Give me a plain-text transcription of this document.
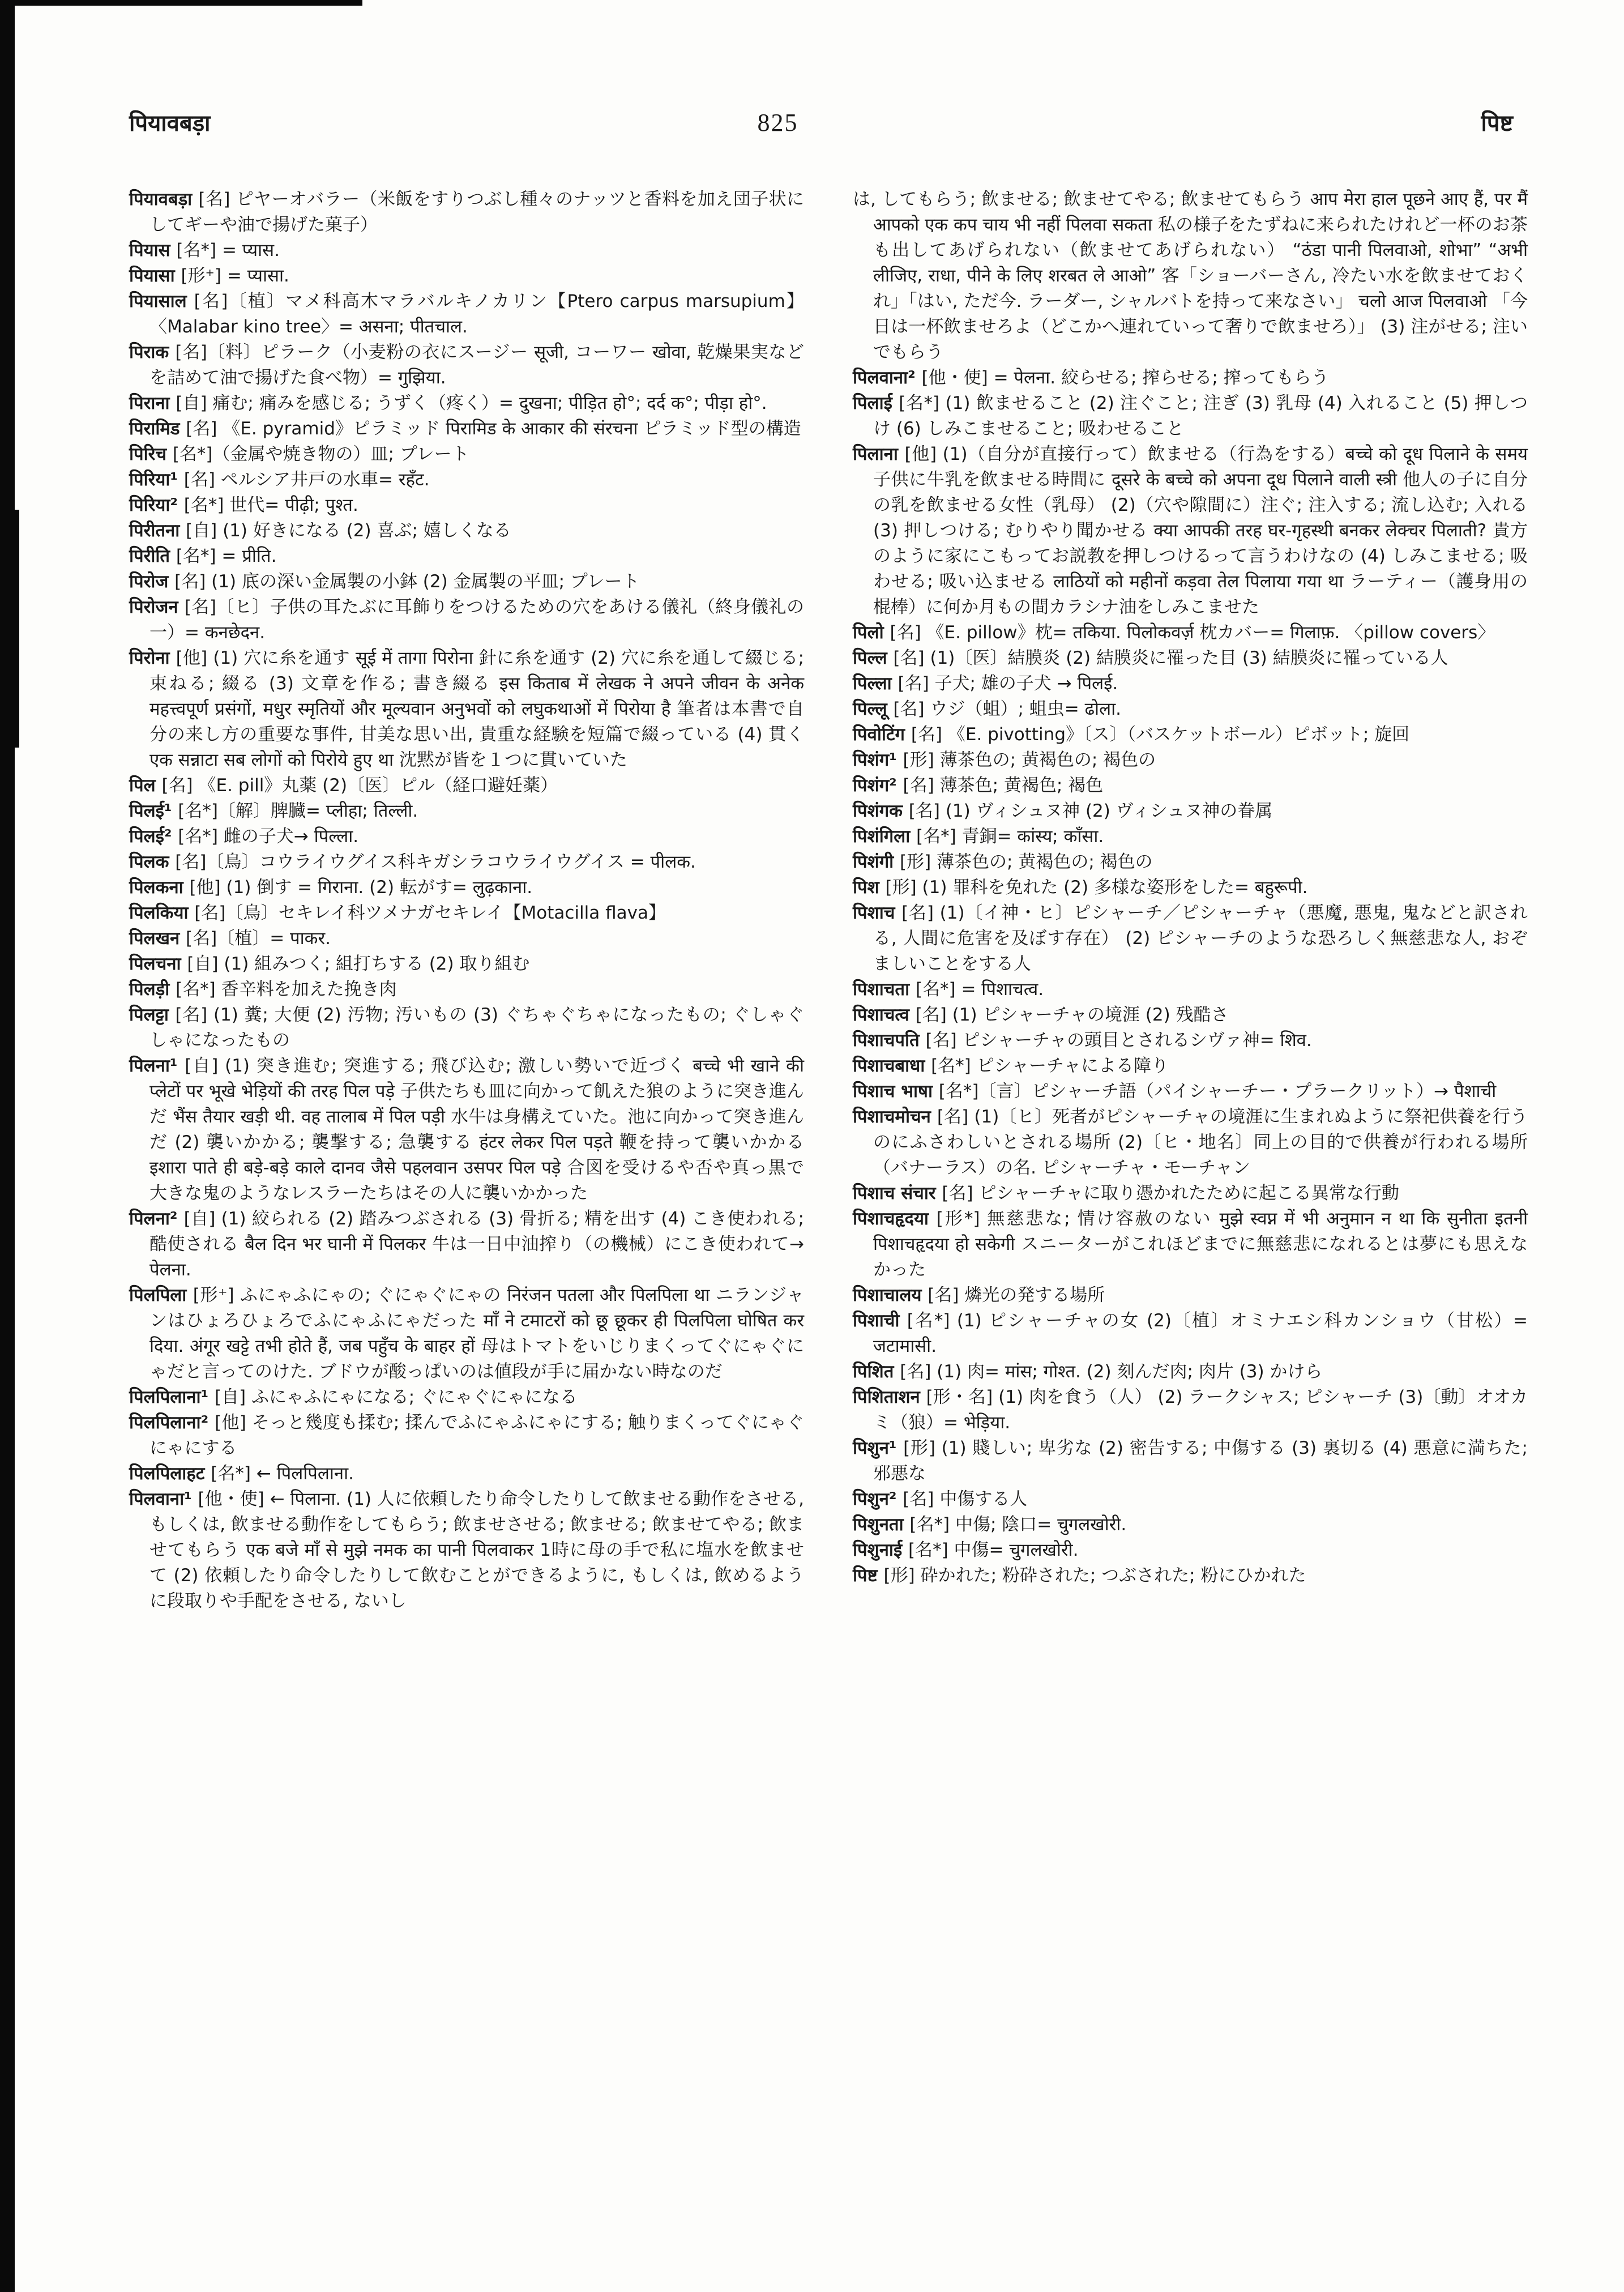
पियावबड़ा	825	पिष्ट
पियावबड़ा [名] ピヤーオバラー（米飯をすりつぶし種々のナッツと香料を加え団子状にしてギーや油で揚げた菓子）
पियास [名*] = प्यास.
पियासा [形⁺] = प्यासा.
पियासाल [名]〔植〕マメ科高木マラバルキノカリン【Ptero carpus marsupium】〈Malabar kino tree〉= असना; पीतचाल.
पिराक [名]〔料〕ピラーク（小麦粉の衣にスージー सूजी, コーワー खोवा, 乾燥果実などを詰めて油で揚げた食べ物）= गुझिया.
पिराना [自] 痛む; 痛みを感じる; うずく（疼く）= दुखना; पीड़ित हो°; दर्द क°; पीड़ा हो°.
पिरामिड [名] 《E. pyramid》ピラミッド पिरामिड के आकार की संरचना ピラミッド型の構造
पिरिच [名*]（金属や焼き物の）皿; プレート
पिरिया¹ [名] ペルシア井戸の水車= रहँट.
पिरिया² [名*] 世代= पीढ़ी; पुश्त.
पिरीतना [自] (1) 好きになる (2) 喜ぶ; 嬉しくなる
पिरीति [名*] = प्रीति.
पिरोज [名] (1) 底の深い金属製の小鉢 (2) 金属製の平皿; プレート
पिरोजन [名]〔ヒ〕子供の耳たぶに耳飾りをつけるための穴をあける儀礼（終身儀礼の一）= कनछेदन.
पिरोना [他] (1) 穴に糸を通す सूई में तागा पिरोना 針に糸を通す (2) 穴に糸を通して綴じる; 束ねる; 綴る (3) 文章を作る; 書き綴る इस किताब में लेखक ने अपने जीवन के अनेक महत्त्वपूर्ण प्रसंगों, मधुर स्मृतियों और मूल्यवान अनुभवों को लघुकथाओं में पिरोया है 筆者は本書で自分の来し方の重要な事件, 甘美な思い出, 貴重な経験を短篇で綴っている (4) 貫く एक सन्नाटा सब लोगों को पिरोये हुए था 沈黙が皆を１つに貫いていた
पिल [名] 《E. pill》丸薬 (2)〔医〕ピル（経口避妊薬）
पिलई¹ [名*]〔解〕脾臓= प्लीहा; तिल्ली.
पिलई² [名*] 雌の子犬→ पिल्ला.
पिलक [名]〔鳥〕コウライウグイス科キガシラコウライウグイス = पीलक.
पिलकना [他] (1) 倒す = गिराना. (2) 転がす= लुढ़काना.
पिलकिया [名]〔鳥〕セキレイ科ツメナガセキレイ【Motacilla flava】
पिलखन [名]〔植〕= पाकर.
पिलचना [自] (1) 組みつく; 組打ちする (2) 取り組む
पिलड़ी [名*] 香辛料を加えた挽き肉
पिलट्टा [名] (1) 糞; 大便 (2) 汚物; 汚いもの (3) ぐちゃぐちゃになったもの; ぐしゃぐしゃになったもの
पिलना¹ [自] (1) 突き進む; 突進する; 飛び込む; 激しい勢いで近づく बच्चे भी खाने की प्लेटों पर भूखे भेड़ियों की तरह पिल पड़े 子供たちも皿に向かって飢えた狼のように突き進んだ भैंस तैयार खड़ी थी. वह तालाब में पिल पड़ी 水牛は身構えていた。池に向かって突き進んだ (2) 襲いかかる; 襲撃する; 急襲する हंटर लेकर पिल पड़ते 鞭を持って襲いかかる इशारा पाते ही बड़े-बड़े काले दानव जैसे पहलवान उसपर पिल पड़े 合図を受けるや否や真っ黒で大きな鬼のようなレスラーたちはその人に襲いかかった
पिलना² [自] (1) 絞られる (2) 踏みつぶされる (3) 骨折る; 精を出す (4) こき使われる; 酷使される बैल दिन भर घानी में पिलकर 牛は一日中油搾り（の機械）にこき使われて→ पेलना.
पिलपिला [形⁺] ふにゃふにゃの; ぐにゃぐにゃの निरंजन पतला और पिलपिला था ニランジャンはひょろひょろでふにゃふにゃだった माँ ने टमाटरों को छू छूकर ही पिलपिला घोषित कर दिया. अंगूर खट्टे तभी होते हैं, जब पहुँच के बाहर हों 母はトマトをいじりまくってぐにゃぐにゃだと言ってのけた. ブドウが酸っぱいのは値段が手に届かない時なのだ
पिलपिलाना¹ [自] ふにゃふにゃになる; ぐにゃぐにゃになる
पिलपिलाना² [他] そっと幾度も揉む; 揉んでふにゃふにゃにする; 触りまくってぐにゃぐにゃにする
पिलपिलाहट [名*] ← पिलपिलाना.
पिलवाना¹ [他・使] ← पिलाना. (1) 人に依頼したり命令したりして飲ませる動作をさせる, もしくは, 飲ませる動作をしてもらう; 飲ませさせる; 飲ませる; 飲ませてやる; 飲ませてもらう एक बजे माँ से मुझे नमक का पानी पिलवाकर 1時に母の手で私に塩水を飲ませて (2) 依頼したり命令したりして飲むことができるように, もしくは, 飲めるように段取りや手配をさせる, ないし
は, してもらう; 飲ませる; 飲ませてやる; 飲ませてもらう आप मेरा हाल पूछने आए हैं, पर मैं आपको एक कप चाय भी नहीं पिलवा सकता 私の様子をたずねに来られたけれど一杯のお茶も出してあげられない（飲ませてあげられない） “ठंडा पानी पिलवाओ, शोभा” “अभी लीजिए, राधा, पीने के लिए शरबत ले आओ” 客「ショーバーさん, 冷たい水を飲ませておくれ」「はい, ただ今. ラーダー, シャルバトを持って来なさい」 चलो आज पिलवाओ 「今日は一杯飲ませろよ（どこかへ連れていって奢りで飲ませろ）」 (3) 注がせる; 注いでもらう
पिलवाना² [他・使] = पेलना. 絞らせる; 搾らせる; 搾ってもらう
पिलाई [名*] (1) 飲ませること (2) 注ぐこと; 注ぎ (3) 乳母 (4) 入れること (5) 押しつけ (6) しみこませること; 吸わせること
पिलाना [他] (1)（自分が直接行って）飲ませる（行為をする）बच्चे को दूध पिलाने के समय 子供に牛乳を飲ませる時間に दूसरे के बच्चे को अपना दूध पिलाने वाली स्त्री 他人の子に自分の乳を飲ませる女性（乳母） (2)（穴や隙間に）注ぐ; 注入する; 流し込む; 入れる (3) 押しつける; むりやり聞かせる क्या आपकी तरह घर-गृहस्थी बनकर लेक्चर पिलाती? 貴方のように家にこもってお説教を押しつけるって言うわけなの (4) しみこませる; 吸わせる; 吸い込ませる लाठियों को महीनों कड़वा तेल पिलाया गया था ラーティー（護身用の棍棒）に何か月もの間カラシナ油をしみこませた
पिलो [名] 《E. pillow》枕= तकिया. पिलोकवर्ज़ 枕カバー= गिलाफ़. 〈pillow covers〉
पिल्ल [名] (1)〔医〕結膜炎 (2) 結膜炎に罹った目 (3) 結膜炎に罹っている人
पिल्ला [名] 子犬; 雄の子犬 → पिलई.
पिल्लू [名] ウジ（蛆）; 蛆虫= ढोला.
पिवोटिंग [名] 《E. pivotting》〔ス〕（バスケットボール）ピボット; 旋回
पिशंग¹ [形] 薄茶色の; 黄褐色の; 褐色の
पिशंग² [名] 薄茶色; 黄褐色; 褐色
पिशंगक [名] (1) ヴィシュヌ神 (2) ヴィシュヌ神の眷属
पिशंगिला [名*] 青銅= कांस्य; काँसा.
पिशंगी [形] 薄茶色の; 黄褐色の; 褐色の
पिश [形] (1) 罪科を免れた (2) 多様な姿形をした= बहुरूपी.
पिशाच [名] (1)〔イ神・ヒ〕ピシャーチ／ピシャーチャ（悪魔, 悪鬼, 鬼などと訳される, 人間に危害を及ぼす存在） (2) ピシャーチのような恐ろしく無慈悲な人, おぞましいことをする人
पिशाचता [名*] = पिशाचत्व.
पिशाचत्व [名] (1) ピシャーチャの境涯 (2) 残酷さ
पिशाचपति [名] ピシャーチャの頭目とされるシヴァ神= शिव.
पिशाचबाधा [名*] ピシャーチャによる障り
पिशाच भाषा [名*]〔言〕ピシャーチ語（パイシャーチー・プラークリット）→ पैशाची
पिशाचमोचन [名] (1)〔ヒ〕死者がピシャーチャの境涯に生まれぬように祭祀供養を行うのにふさわしいとされる場所 (2)〔ヒ・地名〕同上の目的で供養が行われる場所（バナーラス）の名. ピシャーチャ・モーチャン
पिशाच संचार [名] ピシャーチャに取り憑かれたために起こる異常な行動
पिशाचहृदया [形*] 無慈悲な; 情け容赦のない मुझे स्वप्न में भी अनुमान न था कि सुनीता इतनी पिशाचहृदया हो सकेगी スニーターがこれほどまでに無慈悲になれるとは夢にも思えなかった
पिशाचालय [名] 燐光の発する場所
पिशाची [名*] (1) ピシャーチャの女 (2)〔植〕オミナエシ科カンショウ（甘松）= जटामासी.
पिशित [名] (1) 肉= मांस; गोश्त. (2) 刻んだ肉; 肉片 (3) かけら
पिशिताशन [形・名] (1) 肉を食う（人） (2) ラークシャス; ピシャーチ (3)〔動〕オオカミ（狼）= भेड़िया.
पिशुन¹ [形] (1) 賤しい; 卑劣な (2) 密告する; 中傷する (3) 裏切る (4) 悪意に満ちた; 邪悪な
पिशुन² [名] 中傷する人
पिशुनता [名*] 中傷; 陰口= चुगलखोरी.
पिशुनाई [名*] 中傷= चुगलखोरी.
पिष्ट [形] 砕かれた; 粉砕された; つぶされた; 粉にひかれた
